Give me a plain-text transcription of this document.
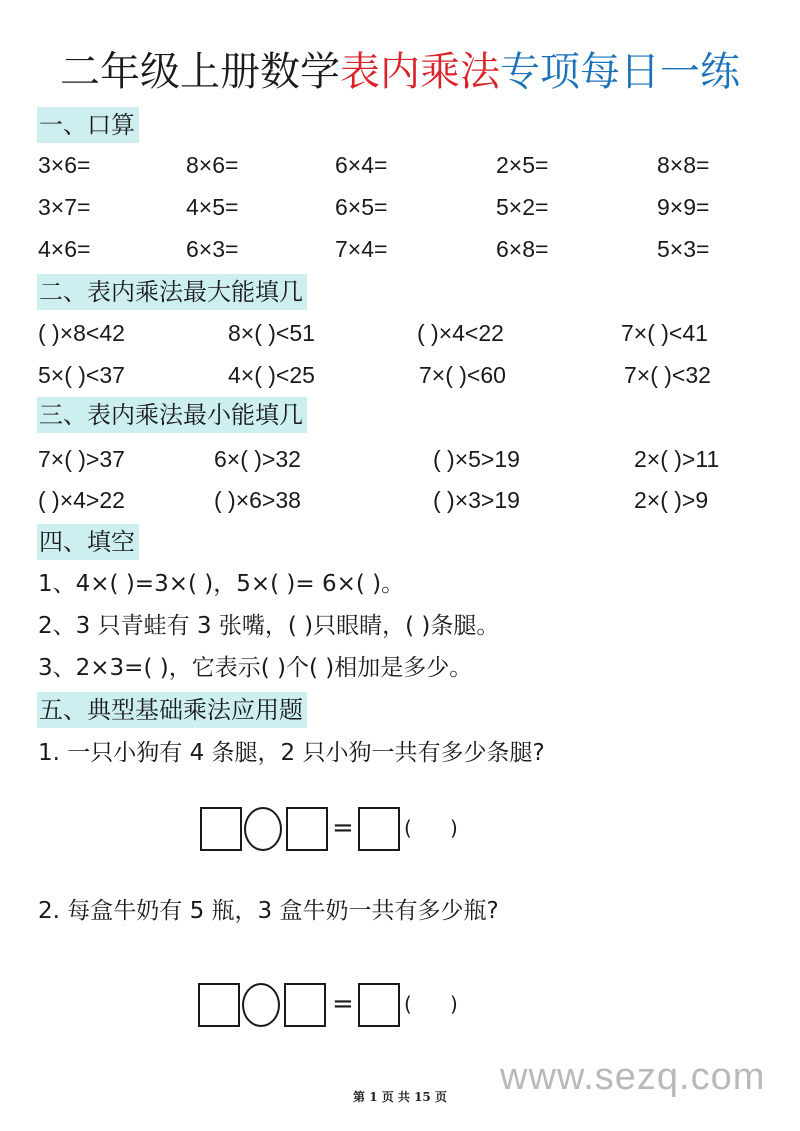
二年级上册数学表内乘法专项每日一练
一、口算
3×6=	8×6=	6×4=	2×5=	8×8=
3×7=	4×5=	6×5=	5×2=	9×9=
4×6=	6×3=	7×4=	6×8=	5×3=
二、表内乘法最大能填几
( )×8<42	8×( )<51	( )×4<22	7×( )<41
5×( )<37	4×( )<25	7×( )<60	7×( )<32
三、表内乘法最小能填几
7×( )>37	6×( )>32	( )×5>19	2×( )>11
( )×4>22	( )×6>38	( )×3>19	2×( )>9
四、填空
1、4×( )=3×( )，5×( )= 6×( )。
2、3 只青蛙有 3 张嘴，( )只眼睛，( )条腿。
3、2×3=( )，它表示( )个( )相加是多少。
五、典型基础乘法应用题
1. 一只小狗有 4 条腿，2 只小狗一共有多少条腿?
=	(      )
2. 每盒牛奶有 5 瓶，3 盒牛奶一共有多少瓶?
=	(      )
www.sezq.com
第 1 页 共 15 页
